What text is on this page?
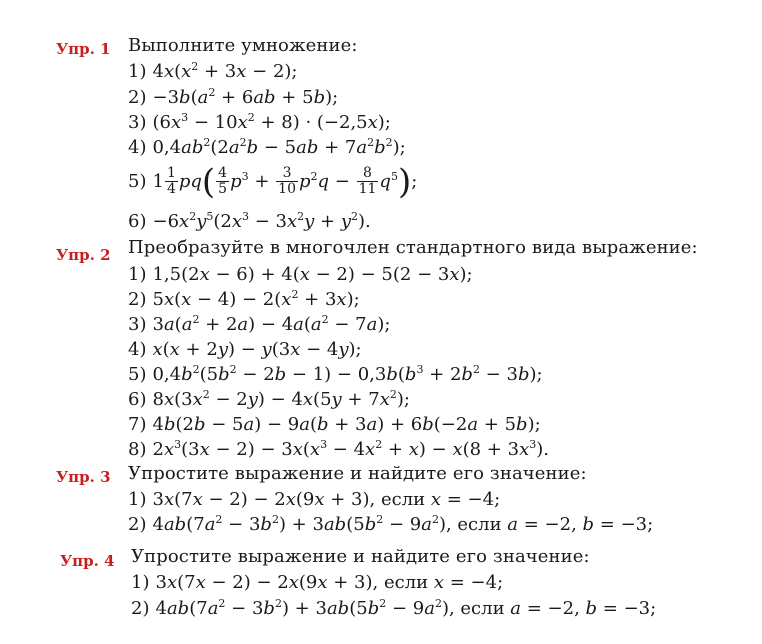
Упр. 1 Выполните умножение:
1) $4x(x^2 + 3x - 2)$;
$2) -3b(a^2 + 6ab + 5b)$;
3) $(6x^3 - 10x^2 + 8) \cdot (-2,5x)$;
4) $0,4ab^2(2a^2b - 5ab + 7a^2b^2)$;
5) $1 \frac{1}{4} pq( \frac{4}{5} p^3 + \frac{3}{10} p^2q - \frac{8}{11} q^5)$;
$6) -6x^2y^5(2x^3 - 3x^2y + y^2)$.
Упр. 2 Преобразуйте в многочлен стандартного вида выражение:
1) 1,5(2x − 6) + 4(x − 2) − 5(2 − 3x);
2) $5x(x - 4) - 2(x^2 + 3x)$;
3) $3a(a^2 + 2a) - 4a(a^2 - 7a)$;
4) x(x + 2y) − y(3x − 4y);
5) $0,4b^2(5b^2 - 2b - 1) - 0,3b(b^3 + 2b^2 - 3b)$;
6) $8x(3x^2 - 2y) - 4x(5y + 7x^2)$;
7) 4b(2b − 5a) − 9a(b + 3a) + 6b(−2a + 5b);
8) $2x^3(3x - 2) - 3x(x^3 - 4x^2 + x) - x(8 + 3x^3)$.
Упр. 3 Упростите выражение и найдите его значение:
1) 3x(7x − 2) − 2x(9x + 3), если x = −4;
2) $4ab(7a^2 - 3b^2) + 3ab(5b^2 - 9a^2)$, если a = −2, b = −3;
Упр. 4 Упростите выражение и найдите его значение:
1) 3x(7x − 2) − 2x(9x + 3), если x = −4;
2) $4ab(7a^2 - 3b^2) + 3ab(5b^2 - 9a^2)$, если a = −2, b = −3;
